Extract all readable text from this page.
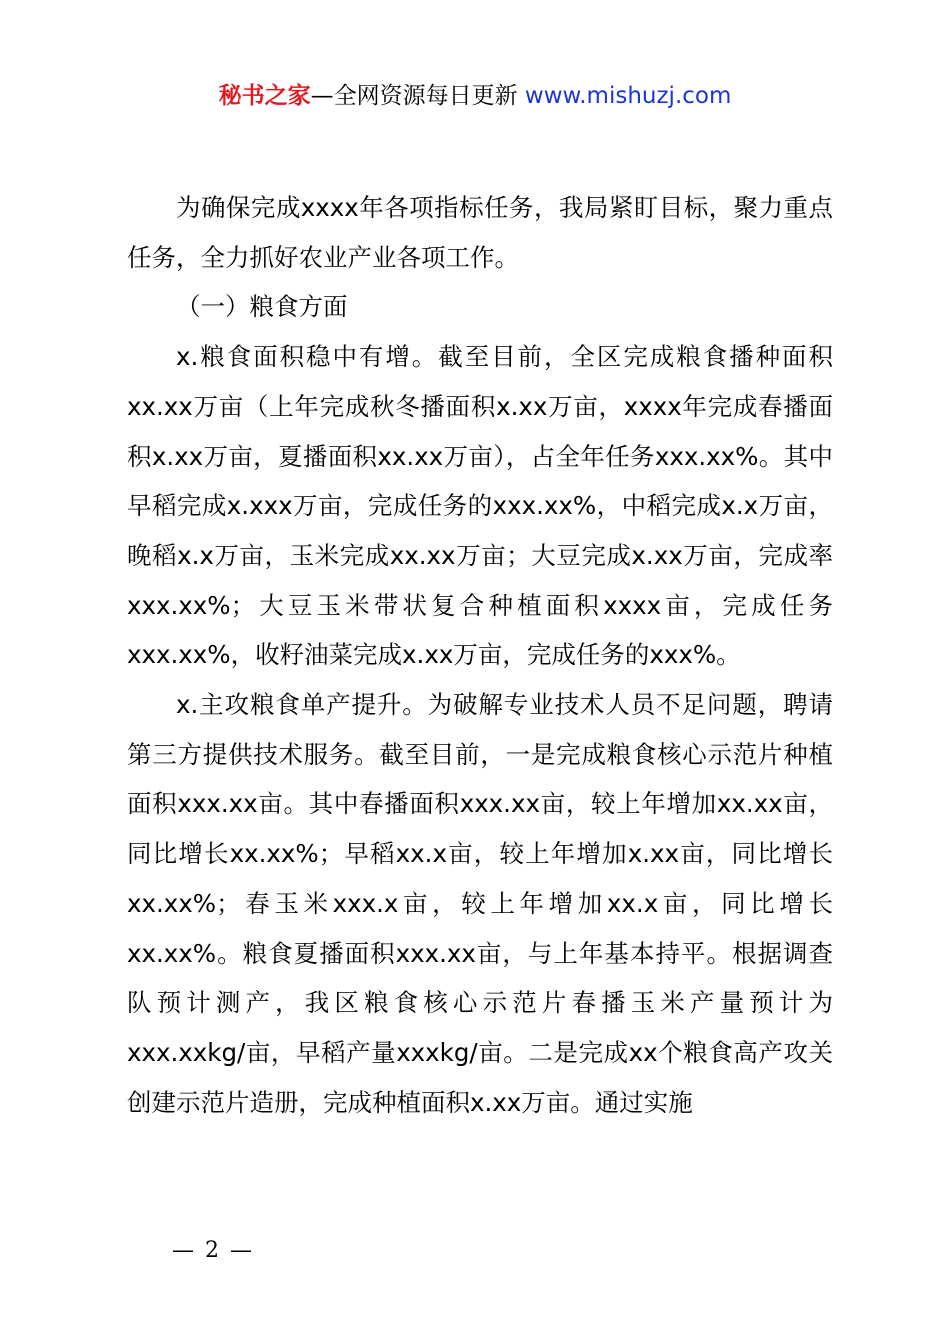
秘书之家—全网资源每日更新 www.mishuzj.com

为确保完成xxxx年各项指标任务，我局紧盯目标，聚力重点任务，全力抓好农业产业各项工作。

（一）粮食方面

x.粮食面积稳中有增。截至目前，全区完成粮食播种面积xx.xx万亩（上年完成秋冬播面积x.xx万亩，xxxx年完成春播面积x.xx万亩，夏播面积xx.xx万亩），占全年任务xxx.xx%。其中早稻完成x.xxx万亩，完成任务的xxx.xx%，中稻完成x.x万亩，晚稻x.x万亩，玉米完成xx.xx万亩；大豆完成x.xx万亩，完成率xxx.xx%；大豆玉米带状复合种植面积xxxx亩，完成任务xxx.xx%，收籽油菜完成x.xx万亩，完成任务的xxx%。

x.主攻粮食单产提升。为破解专业技术人员不足问题，聘请第三方提供技术服务。截至目前，一是完成粮食核心示范片种植面积xxx.xx亩。其中春播面积xxx.xx亩，较上年增加xx.xx亩，同比增长xx.xx%；早稻xx.x亩，较上年增加x.xx亩，同比增长xx.xx%；春玉米xxx.x亩，较上年增加xx.x亩，同比增长xx.xx%。粮食夏播面积xxx.xx亩，与上年基本持平。根据调查队预计测产，我区粮食核心示范片春播玉米产量预计为xxx.xxkg/亩，早稻产量xxxkg/亩。二是完成xx个粮食高产攻关创建示范片造册，完成种植面积x.xx万亩。通过实施

— 2 —
